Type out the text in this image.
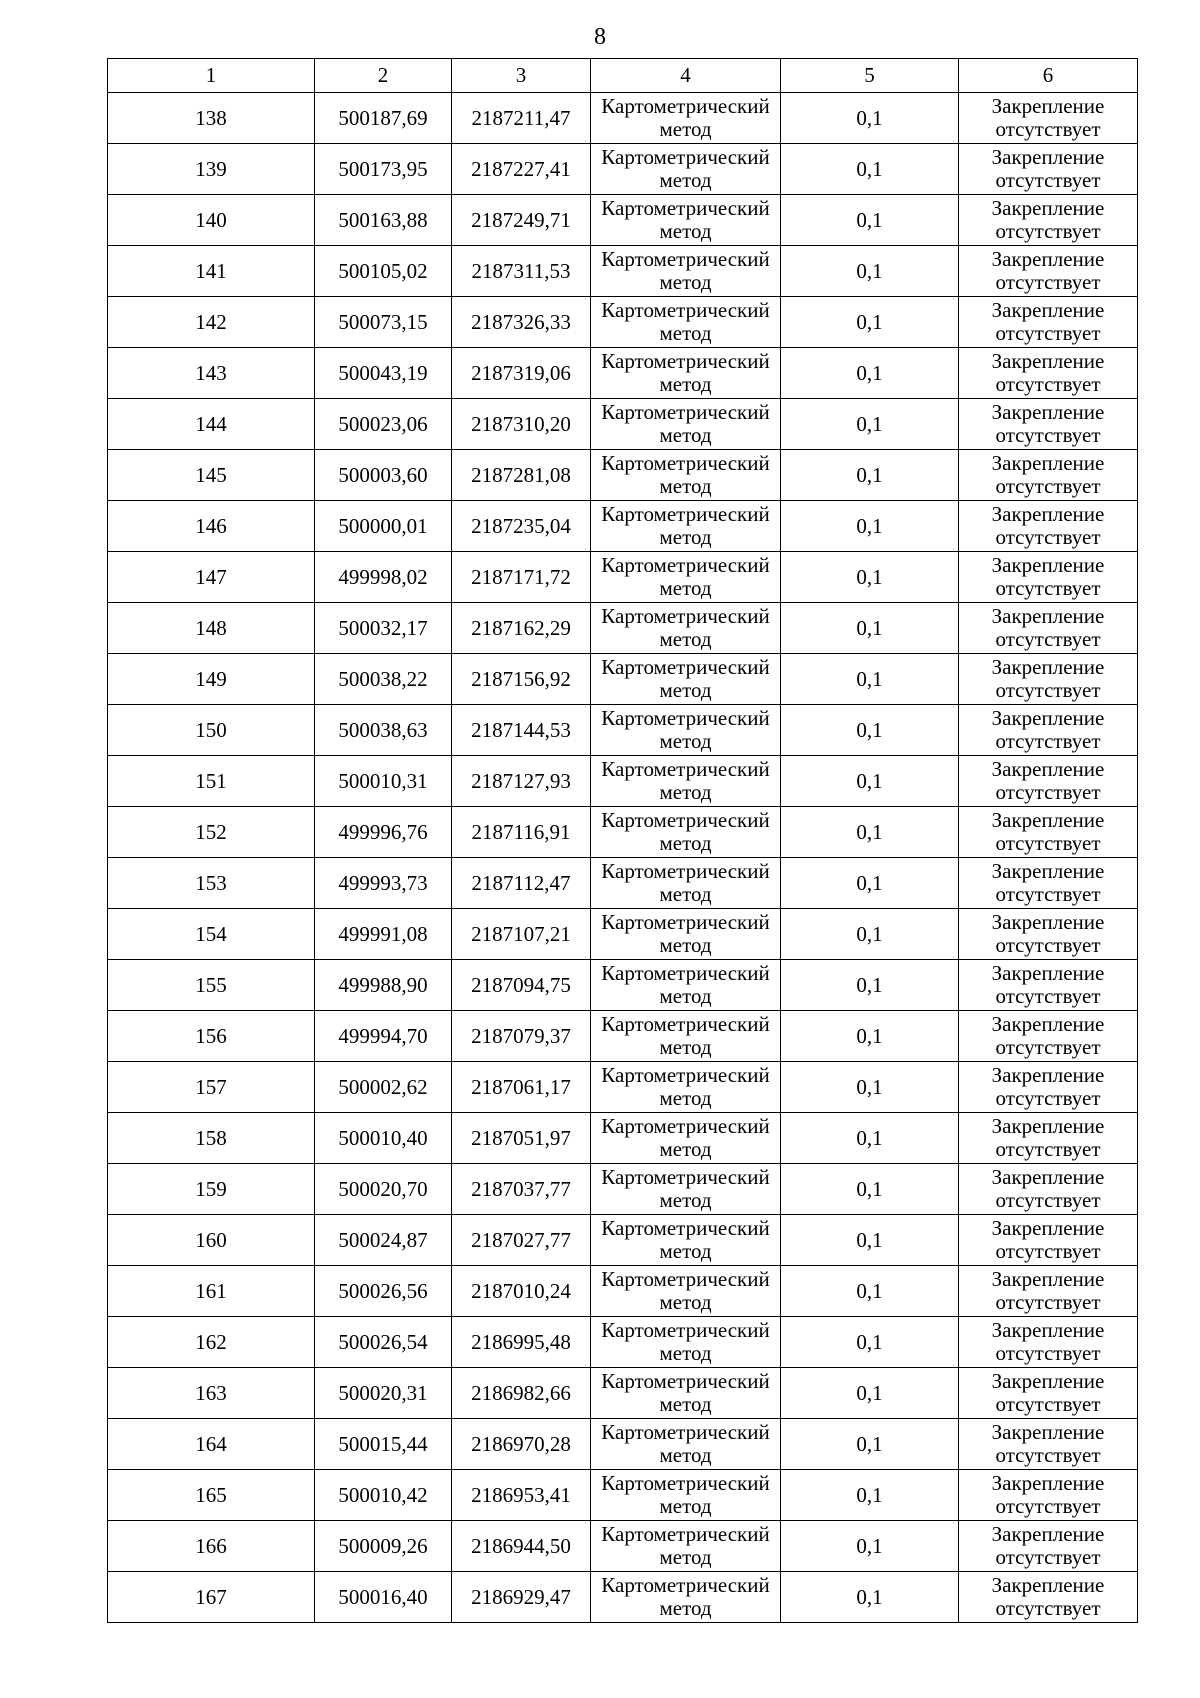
8
1	2	3	4	5	6
138	500187,69	2187211,47	Картометрический
метод	0,1	Закрепление
отсутствует

139	500173,95	2187227,41	Картометрический
метод	0,1	Закрепление
отсутствует

140	500163,88	2187249,71	Картометрический
метод	0,1	Закрепление
отсутствует

141	500105,02	2187311,53	Картометрический
метод	0,1	Закрепление
отсутствует

142	500073,15	2187326,33	Картометрический
метод	0,1	Закрепление
отсутствует

143	500043,19	2187319,06	Картометрический
метод	0,1	Закрепление
отсутствует

144	500023,06	2187310,20	Картометрический
метод	0,1	Закрепление
отсутствует

145	500003,60	2187281,08	Картометрический
метод	0,1	Закрепление
отсутствует

146	500000,01	2187235,04	Картометрический
метод	0,1	Закрепление
отсутствует

147	499998,02	2187171,72	Картометрический
метод	0,1	Закрепление
отсутствует

148	500032,17	2187162,29	Картометрический
метод	0,1	Закрепление
отсутствует

149	500038,22	2187156,92	Картометрический
метод	0,1	Закрепление
отсутствует

150	500038,63	2187144,53	Картометрический
метод	0,1	Закрепление
отсутствует

151	500010,31	2187127,93	Картометрический
метод	0,1	Закрепление
отсутствует

152	499996,76	2187116,91	Картометрический
метод	0,1	Закрепление
отсутствует

153	499993,73	2187112,47	Картометрический
метод	0,1	Закрепление
отсутствует

154	499991,08	2187107,21	Картометрический
метод	0,1	Закрепление
отсутствует

155	499988,90	2187094,75	Картометрический
метод	0,1	Закрепление
отсутствует

156	499994,70	2187079,37	Картометрический
метод	0,1	Закрепление
отсутствует

157	500002,62	2187061,17	Картометрический
метод	0,1	Закрепление
отсутствует

158	500010,40	2187051,97	Картометрический
метод	0,1	Закрепление
отсутствует

159	500020,70	2187037,77	Картометрический
метод	0,1	Закрепление
отсутствует

160	500024,87	2187027,77	Картометрический
метод	0,1	Закрепление
отсутствует

161	500026,56	2187010,24	Картометрический
метод	0,1	Закрепление
отсутствует

162	500026,54	2186995,48	Картометрический
метод	0,1	Закрепление
отсутствует

163	500020,31	2186982,66	Картометрический
метод	0,1	Закрепление
отсутствует

164	500015,44	2186970,28	Картометрический
метод	0,1	Закрепление
отсутствует

165	500010,42	2186953,41	Картометрический
метод	0,1	Закрепление
отсутствует

166	500009,26	2186944,50	Картометрический
метод	0,1	Закрепление
отсутствует

167	500016,40	2186929,47	Картометрический
метод	0,1	Закрепление
отсутствует
